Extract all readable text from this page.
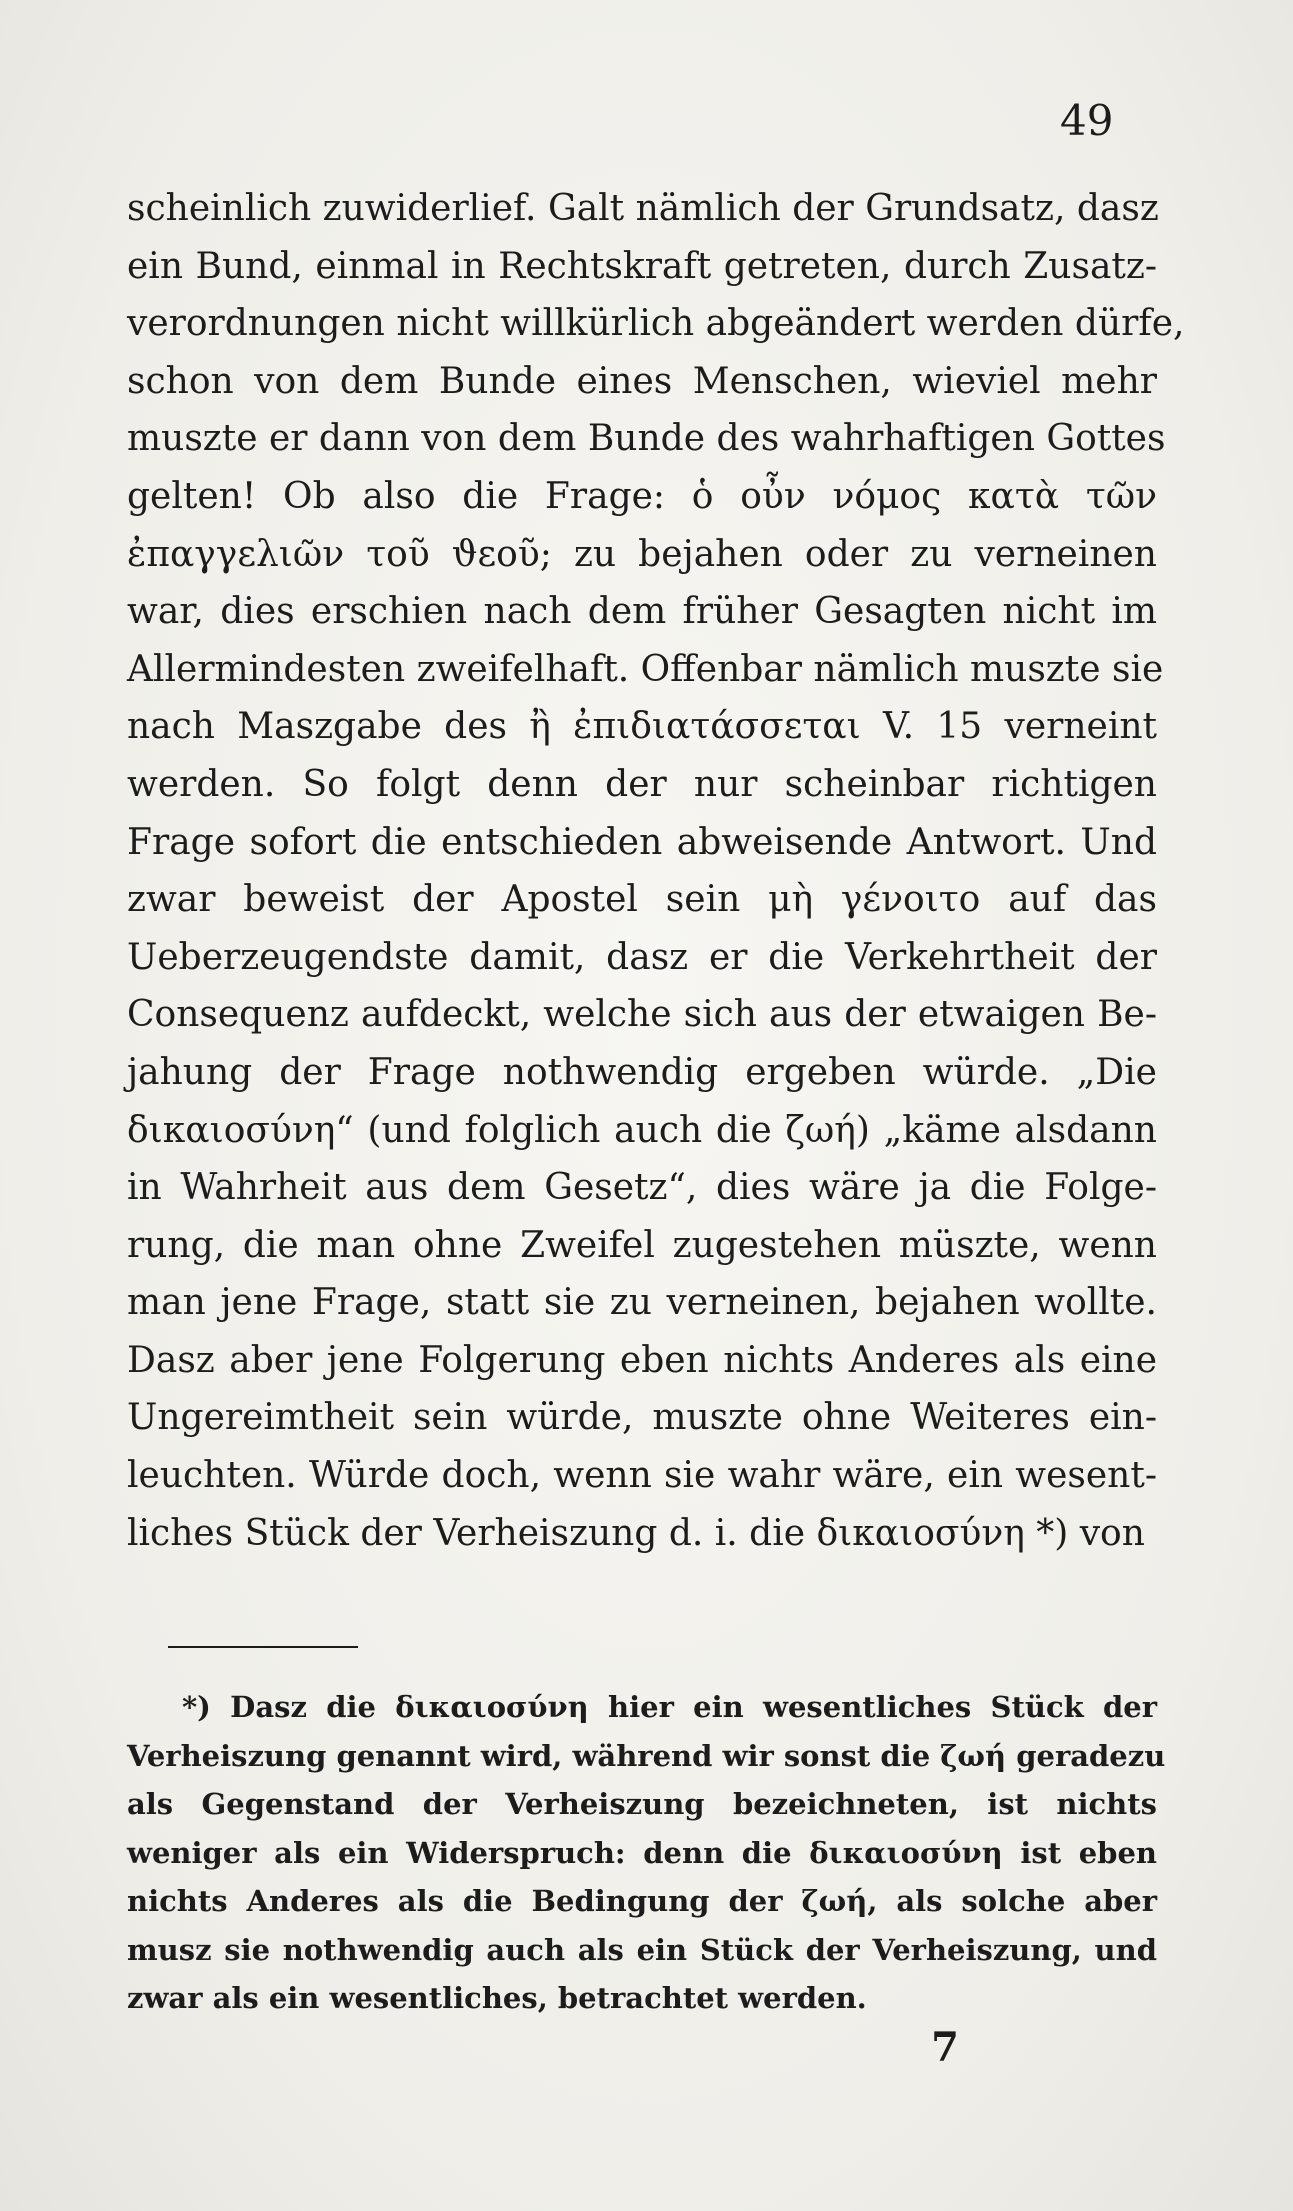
49
scheinlich zuwiderlief. Galt nämlich der Grundsatz, dasz
ein Bund, einmal in Rechtskraft getreten, durch Zusatz-
verordnungen nicht willkürlich abgeändert werden dürfe,
schon von dem Bunde eines Menschen, wieviel mehr
muszte er dann von dem Bunde des wahrhaftigen Gottes
gelten! Ob also die Frage: ὁ οὖν νόμος κατὰ τῶν
ἐπαγγελιῶν τοῦ ϑεοῦ; zu bejahen oder zu verneinen
war, dies erschien nach dem früher Gesagten nicht im
Allermindesten zweifelhaft. Offenbar nämlich muszte sie
nach Maszgabe des ἢ ἐπιδιατάσσεται V. 15 verneint
werden. So folgt denn der nur scheinbar richtigen
Frage sofort die entschieden abweisende Antwort. Und
zwar beweist der Apostel sein μὴ γένοιτο auf das
Ueberzeugendste damit, dasz er die Verkehrtheit der
Consequenz aufdeckt, welche sich aus der etwaigen Be-
jahung der Frage nothwendig ergeben würde. „Die
δικαιοσύνη“ (und folglich auch die ζωή) „käme alsdann
in Wahrheit aus dem Gesetz“, dies wäre ja die Folge-
rung, die man ohne Zweifel zugestehen müszte, wenn
man jene Frage, statt sie zu verneinen, bejahen wollte.
Dasz aber jene Folgerung eben nichts Anderes als eine
Ungereimtheit sein würde, muszte ohne Weiteres ein-
leuchten. Würde doch, wenn sie wahr wäre, ein wesent-
liches Stück der Verheiszung d. i. die δικαιοσύνη *) von
*) Dasz die δικαιοσύνη hier ein wesentliches Stück der
Verheiszung genannt wird, während wir sonst die ζωή geradezu
als Gegenstand der Verheiszung bezeichneten, ist nichts
weniger als ein Widerspruch: denn die δικαιοσύνη ist eben
nichts Anderes als die Bedingung der ζωή, als solche aber
musz sie nothwendig auch als ein Stück der Verheiszung, und
zwar als ein wesentliches, betrachtet werden.
7
